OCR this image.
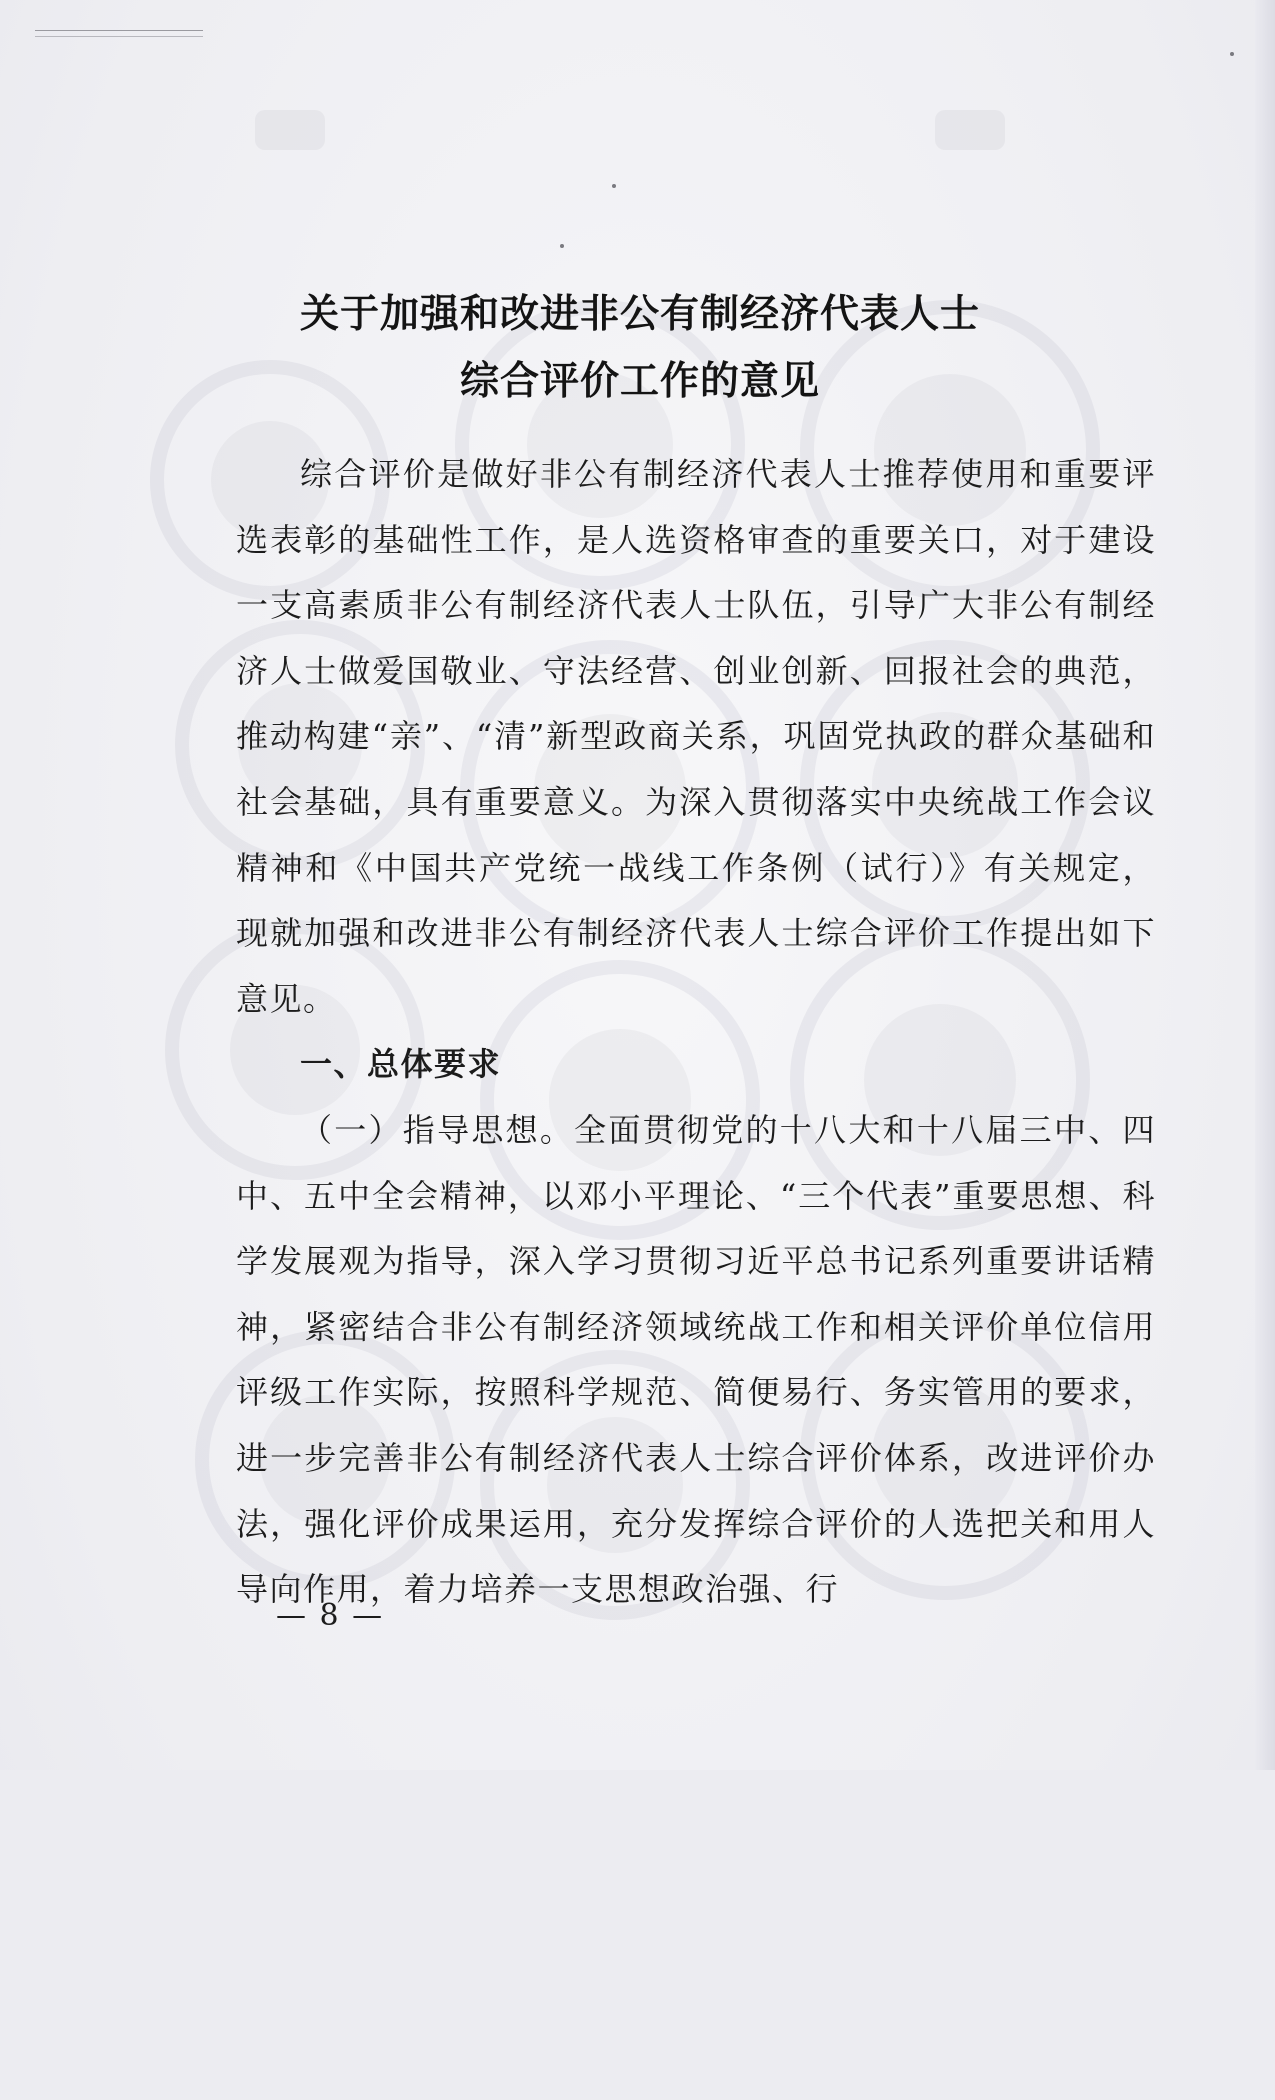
关于加强和改进非公有制经济代表人士
综合评价工作的意见

综合评价是做好非公有制经济代表人士推荐使用和重要评选表彰的基础性工作，是人选资格审查的重要关口，对于建设一支高素质非公有制经济代表人士队伍，引导广大非公有制经济人士做爱国敬业、守法经营、创业创新、回报社会的典范，推动构建“亲”、“清”新型政商关系，巩固党执政的群众基础和社会基础，具有重要意义。为深入贯彻落实中央统战工作会议精神和《中国共产党统一战线工作条例（试行）》有关规定，现就加强和改进非公有制经济代表人士综合评价工作提出如下意见。

一、总体要求

（一）指导思想。全面贯彻党的十八大和十八届三中、四中、五中全会精神，以邓小平理论、“三个代表”重要思想、科学发展观为指导，深入学习贯彻习近平总书记系列重要讲话精神，紧密结合非公有制经济领域统战工作和相关评价单位信用评级工作实际，按照科学规范、简便易行、务实管用的要求，进一步完善非公有制经济代表人士综合评价体系，改进评价办法，强化评价成果运用，充分发挥综合评价的人选把关和用人导向作用，着力培养一支思想政治强、行

— 8 —
